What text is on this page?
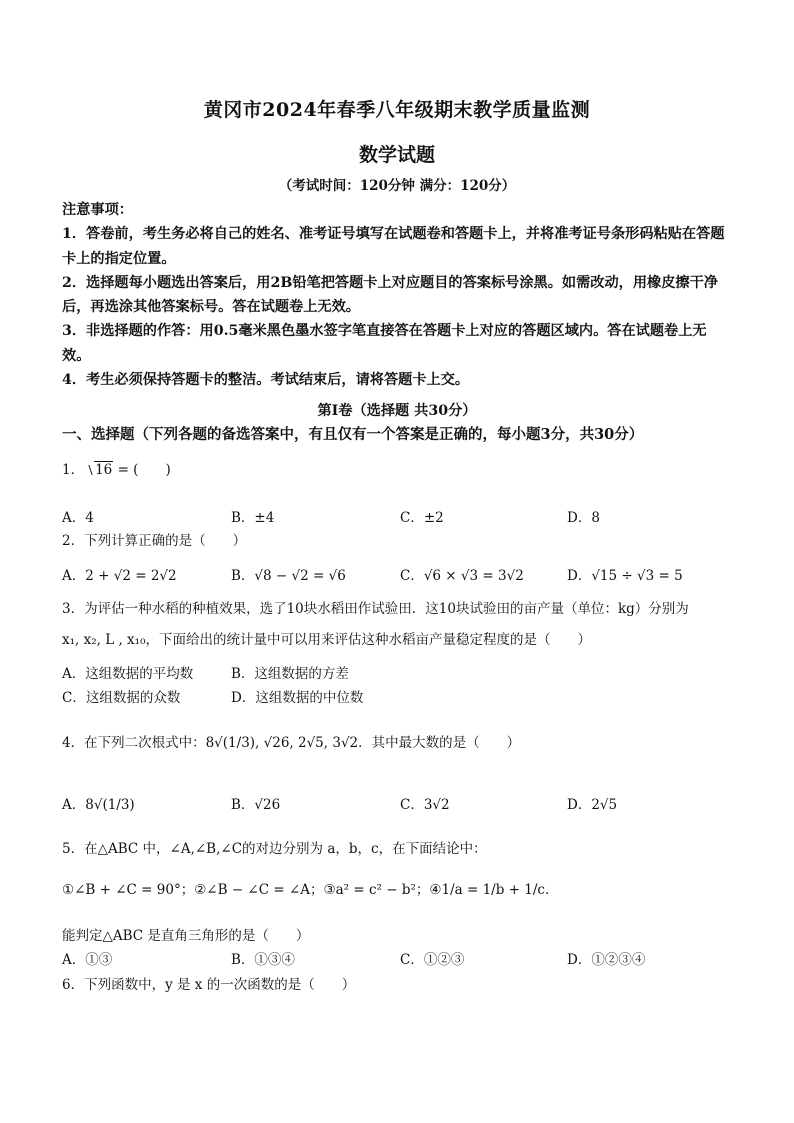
黄冈市2024年春季八年级期末教学质量监测
数学试题
（考试时间：120分钟 满分：120分）

注意事项：

1．答卷前，考生务必将自己的姓名、准考证号填写在试题卷和答题卡上，并将准考证号条形码粘贴在答题卡上的指定位置。

2．选择题每小题选出答案后，用2B铅笔把答题卡上对应题目的答案标号涂黑。如需改动，用橡皮擦干净后，再选涂其他答案标号。答在试题卷上无效。

3．非选择题的作答：用0.5毫米黑色墨水签字笔直接答在答题卡上对应的答题区域内。答在试题卷上无效。

4．考生必须保持答题卡的整洁。考试结束后，请将答题卡上交。

第Ⅰ卷（选择题 共30分）
一、选择题（下列各题的备选答案中，有且仅有一个答案是正确的，每小题3分，共30分）
1． 16 = (　　)
A．4	B．±4	C．±2	D．8
2．下列计算正确的是（　　）
A．2 + √2 = 2√2	B．√8 − √2 = √6	C．√6 × √3 = 3√2	D．√15 ÷ √3 = 5
3．为评估一种水稻的种植效果，选了10块水稻田作试验田．这10块试验田的亩产量（单位：kg）分别为
x₁, x₂, L , x₁₀，下面给出的统计量中可以用来评估这种水稻亩产量稳定程度的是（　　）
A．这组数据的平均数	B．这组数据的方差
C．这组数据的众数	D．这组数据的中位数
4．在下列二次根式中：8√(1/3), √26, 2√5, 3√2．其中最大数的是（　　）
A．8√(1/3)	B．√26	C．3√2	D．2√5
5．在△ABC 中，∠A,∠B,∠C的对边分别为 a，b，c，在下面结论中：
①∠B + ∠C = 90°；②∠B − ∠C = ∠A；③a² = c² − b²；④1/a = 1/b + 1/c．
能判定△ABC 是直角三角形的是（　　）
A．①③	B．①③④	C．①②③	D．①②③④
6．下列函数中，y 是 x 的一次函数的是（　　）
